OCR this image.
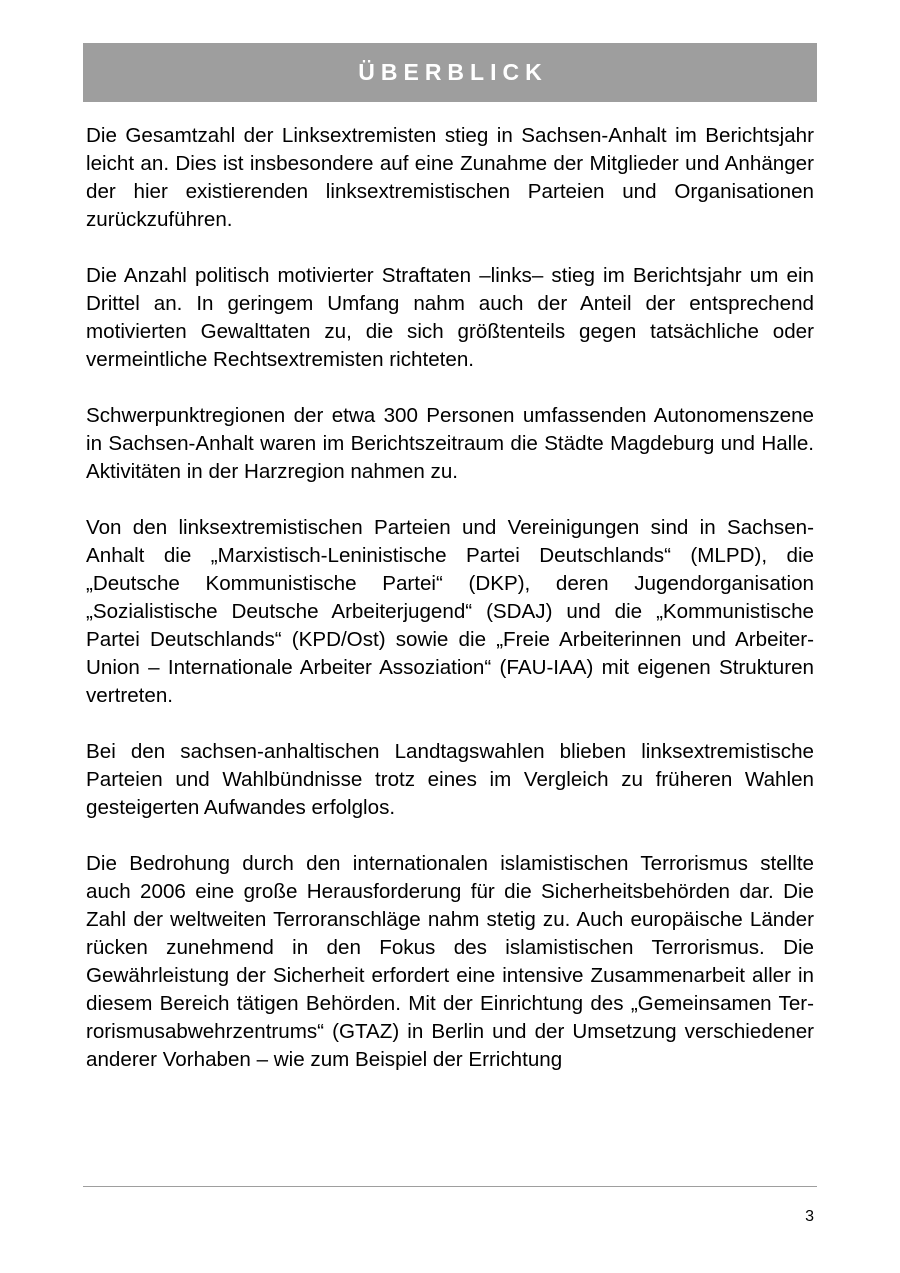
ÜBERBLICK

Die Gesamtzahl der Linksextremisten stieg in Sachsen-Anhalt im Berichtsjahr leicht an. Dies ist insbesondere auf eine Zunahme der Mitglieder und Anhänger der hier existierenden linksextremistischen Parteien und Organisationen zurückzuführen.

Die Anzahl politisch motivierter Straftaten –links– stieg im Berichtsjahr um ein Drittel an. In geringem Umfang nahm auch der Anteil der entsprechend motivierten Gewalttaten zu, die sich größtenteils gegen tatsächliche oder vermeintliche Rechtsextremisten richteten.

Schwerpunktregionen der etwa 300 Personen umfassenden Autonomenszene in Sachsen-Anhalt waren im Berichtszeitraum die Städte Magdeburg und Halle. Aktivitäten in der Harzregion nahmen zu.

Von den linksextremistischen Parteien und Vereinigungen sind in Sachsen-Anhalt die „Marxistisch-Leninistische Partei Deutschlands“ (MLPD), die „Deutsche Kommunistische Partei“ (DKP), deren Jugendorganisation „Sozialistische Deutsche Arbeiterjugend“ (SDAJ) und die „Kommunistische Partei Deutschlands“ (KPD/Ost) sowie die „Freie Arbeiterinnen und Arbeiter-Union – Internationale Arbeiter Assoziation“ (FAU-IAA) mit eigenen Strukturen vertreten.

Bei den sachsen-anhaltischen Landtagswahlen blieben linksextremistische Parteien und Wahlbündnisse trotz eines im Vergleich zu früheren Wahlen gesteigerten Aufwandes erfolglos.

Die Bedrohung durch den internationalen islamistischen Terrorismus stellte auch 2006 eine große Herausforderung für die Sicherheitsbehörden dar. Die Zahl der weltweiten Terroranschläge nahm stetig zu. Auch europäische Länder rücken zunehmend in den Fokus des islamistischen Terrorismus. Die Gewährleistung der Sicherheit erfordert eine intensive Zusammenarbeit aller in diesem Bereich tätigen Behörden. Mit der Einrichtung des „Gemeinsamen Terrorismusabwehrzentrums“ (GTAZ) in Berlin und der Umsetzung verschiedener anderer Vorhaben – wie zum Beispiel der Errichtung

3
